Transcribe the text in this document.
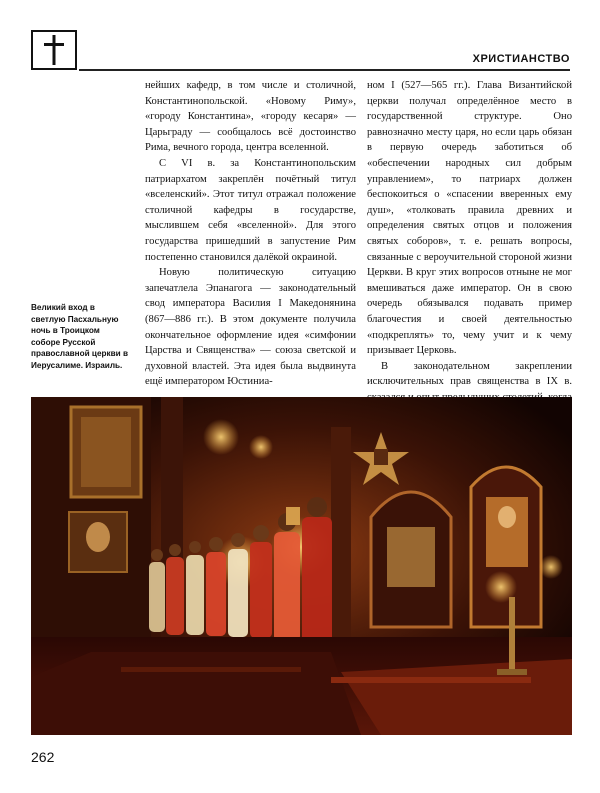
ХРИСТИАНСТВО
Великий вход в светлую Пасхальную ночь в Троицком соборе Русской православной церкви в Иерусалиме. Израиль.

нейших кафедр, в том числе и столичной, Константинопольской. «Новому Риму», «городу Константина», «городу кесаря» — Царьграду — сообщалось всё достоинство Рима, вечного города, центра вселенной.

С VI в. за Константинопольским патриархатом закреплён почётный титул «вселенский». Этот титул отражал положение столичной кафедры в государстве, мыслившем себя «вселенной». Для этого государства пришедший в запустение Рим постепенно становился далёкой окраиной.

Новую политическую ситуацию запечатлела Эпанагога — законодательный свод императора Василия I Македонянина (867—886 гг.). В этом документе получила окончательное оформление идея «симфонии Царства и Священства» — союза светской и духовной властей. Эта идея была выдвинута ещё императором Юстиниа-

ном I (527—565 гг.). Глава Византийской церкви получал определённое место в государственной структуре. Оно равнозначно месту царя, но если царь обязан в первую очередь заботиться об «обеспечении народных сил добрым управлением», то патриарх должен беспокоиться о «спасении вверенных ему душ», «толковать правила древних и определения святых отцов и положения святых соборов», т. е. решать вопросы, связанные с вероучительной стороной жизни Церкви. В круг этих вопросов отныне не мог вмешиваться даже император. Он в свою очередь обязывался подавать пример благочестия и своей деятельностью «подкреплять» то, чему учит и к чему призывает Церковь.

В законодательном закреплении исключительных прав священства в IX в.

262
